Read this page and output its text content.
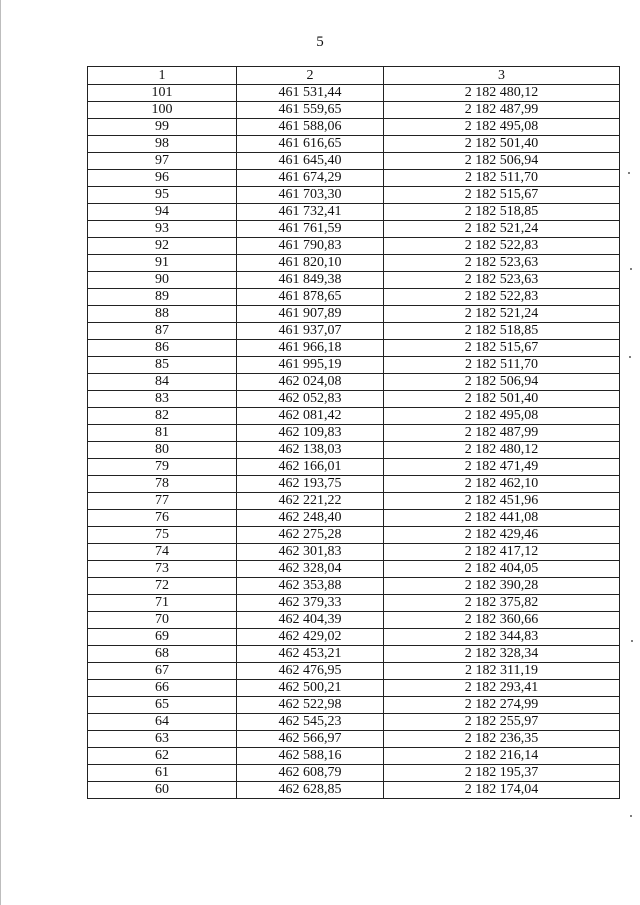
5
1	2	3
101	461 531,44	2 182 480,12
100	461 559,65	2 182 487,99
99	461 588,06	2 182 495,08
98	461 616,65	2 182 501,40
97	461 645,40	2 182 506,94
96	461 674,29	2 182 511,70
95	461 703,30	2 182 515,67
94	461 732,41	2 182 518,85
93	461 761,59	2 182 521,24
92	461 790,83	2 182 522,83
91	461 820,10	2 182 523,63
90	461 849,38	2 182 523,63
89	461 878,65	2 182 522,83
88	461 907,89	2 182 521,24
87	461 937,07	2 182 518,85
86	461 966,18	2 182 515,67
85	461 995,19	2 182 511,70
84	462 024,08	2 182 506,94
83	462 052,83	2 182 501,40
82	462 081,42	2 182 495,08
81	462 109,83	2 182 487,99
80	462 138,03	2 182 480,12
79	462 166,01	2 182 471,49
78	462 193,75	2 182 462,10
77	462 221,22	2 182 451,96
76	462 248,40	2 182 441,08
75	462 275,28	2 182 429,46
74	462 301,83	2 182 417,12
73	462 328,04	2 182 404,05
72	462 353,88	2 182 390,28
71	462 379,33	2 182 375,82
70	462 404,39	2 182 360,66
69	462 429,02	2 182 344,83
68	462 453,21	2 182 328,34
67	462 476,95	2 182 311,19
66	462 500,21	2 182 293,41
65	462 522,98	2 182 274,99
64	462 545,23	2 182 255,97
63	462 566,97	2 182 236,35
62	462 588,16	2 182 216,14
61	462 608,79	2 182 195,37
60	462 628,85	2 182 174,04
